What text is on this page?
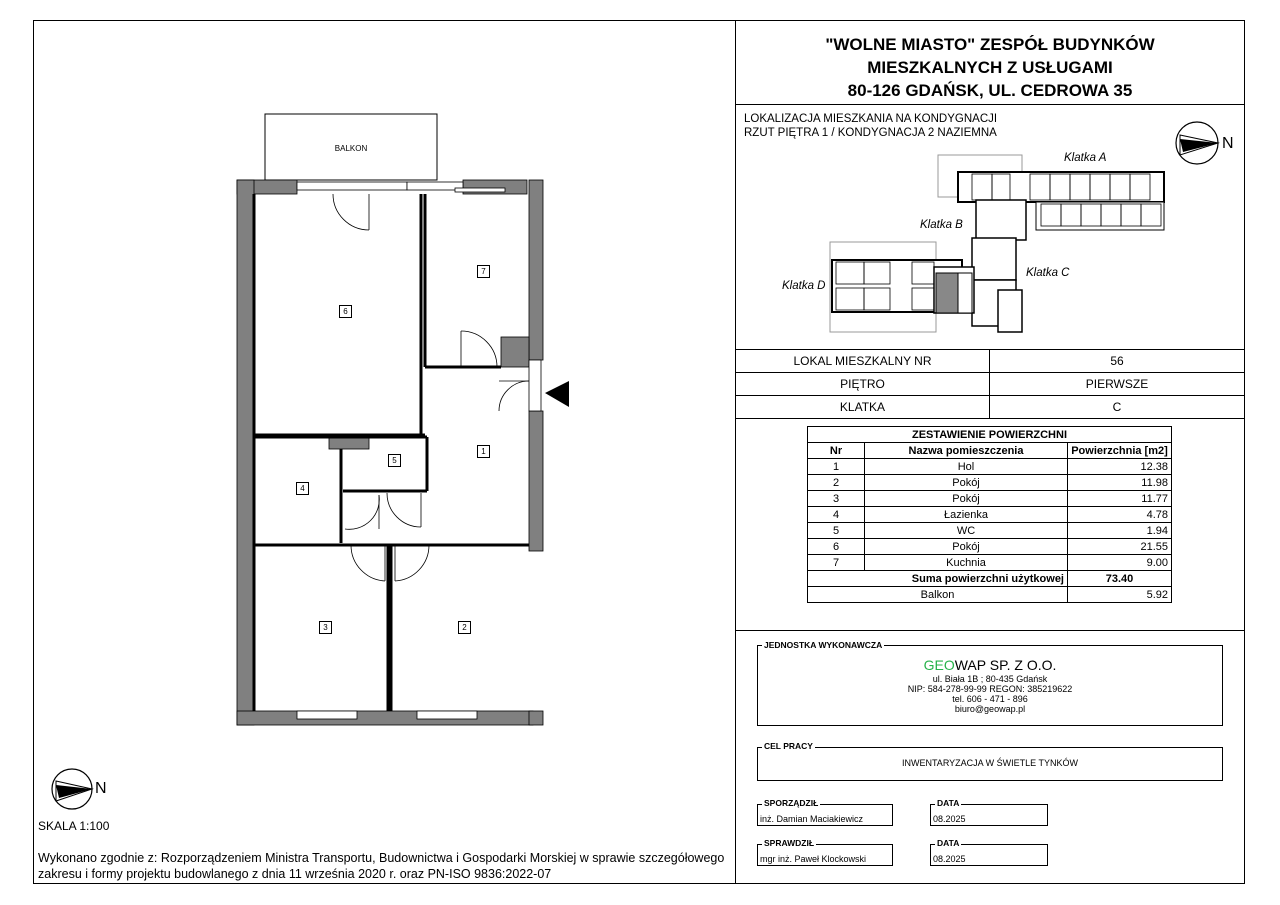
"WOLNE MIASTO" ZESPÓŁ BUDYNKÓW
MIESZKALNYCH Z USŁUGAMI
80-126 GDAŃSK, UL. CEDROWA 35
LOKALIZACJA MIESZKANIA NA KONDYGNACJI
RZUT PIĘTRA 1 / KONDYGNACJA 2 NAZIEMNA
N
Klatka A
Klatka B
Klatka C
Klatka D
LOKAL MIESZKALNY NR	56
PIĘTRO	PIERWSZE
KLATKA	C
ZESTAWIENIE POWIERZCHNI		
Nr	Nazwa pomieszczenia	Powierzchnia [m2]
1	Hol	12.38
2	Pokój	11.98
3	Pokój	11.77
4	Łazienka	4.78
5	WC	1.94
6	Pokój	21.55
7	Kuchnia	9.00
Suma powierzchni użytkowej		73.40
Balkon		5.92
JEDNOSTKA WYKONAWCZA
GEOWAP SP. Z O.O.
ul. Biała 1B ; 80-435 Gdańsk
NIP: 584-278-99-99 REGON: 385219622
tel. 606 - 471 - 896
biuro@geowap.pl
CEL PRACY
INWENTARYZACJA W ŚWIETLE TYNKÓW
SPORZĄDZIŁ
inż. Damian Maciakiewicz
DATA
08.2025
SPRAWDZIŁ
mgr inż. Paweł Klockowski
DATA
08.2025
BALKON
6
7
1
5
4
3	2
N
SKALA 1:100
Wykonano zgodnie z: Rozporządzeniem Ministra Transportu, Budownictwa i Gospodarki Morskiej w sprawie szczegółowego
zakresu i formy projektu budowlanego z dnia 11 września 2020 r. oraz PN-ISO 9836:2022-07
